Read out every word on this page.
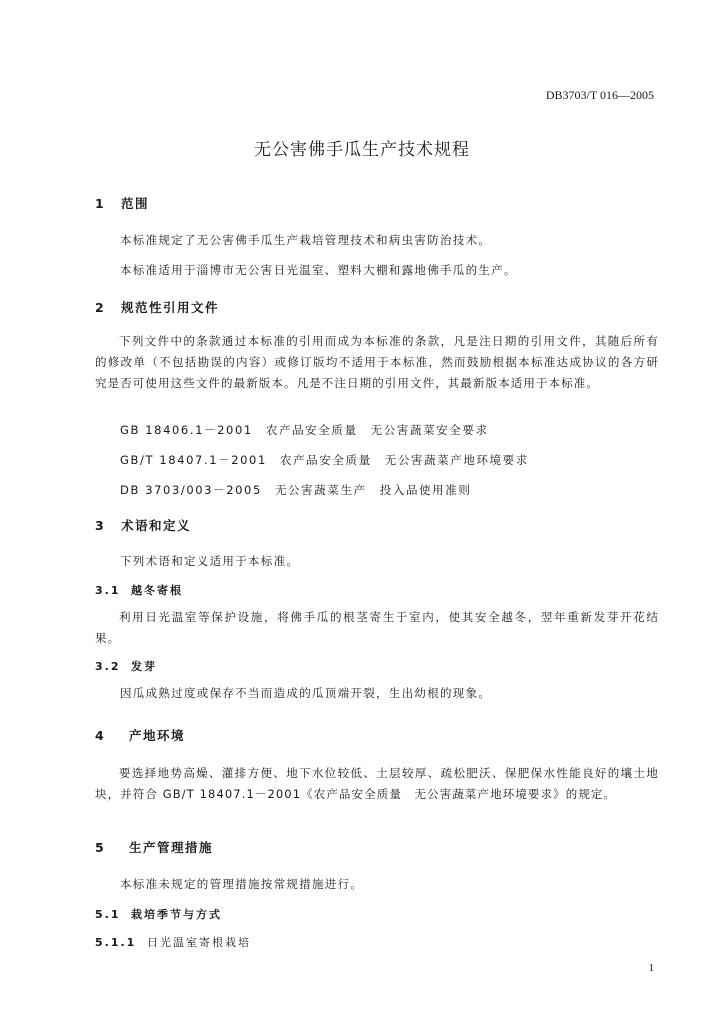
DB3703/T 016—2005
无公害佛手瓜生产技术规程
1 范围
本标准规定了无公害佛手瓜生产栽培管理技术和病虫害防治技术。
本标准适用于淄博市无公害日光温室、塑料大棚和露地佛手瓜的生产。
2 规范性引用文件
下列文件中的条款通过本标准的引用而成为本标准的条款，凡是注日期的引用文件，其随后所有的修改单（不包括勘误的内容）或修订版均不适用于本标准，然而鼓励根据本标准达成协议的各方研究是否可使用这些文件的最新版本。凡是不注日期的引用文件，其最新版本适用于本标准。
GB 18406.1－2001　农产品安全质量　无公害蔬菜安全要求
GB/T 18407.1－2001　农产品安全质量　无公害蔬菜产地环境要求
DB 3703/003－2005　无公害蔬菜生产　投入品使用准则
3 术语和定义
下列术语和定义适用于本标准。
3.1 越冬寄根
利用日光温室等保护设施，将佛手瓜的根茎寄生于室内，使其安全越冬，翌年重新发芽开花结果。
3.2 发芽
因瓜成熟过度或保存不当而造成的瓜顶端开裂，生出幼根的现象。
4 产地环境
要选择地势高燥、灌排方便、地下水位较低、土层较厚、疏松肥沃、保肥保水性能良好的壤土地块，并符合 GB/T 18407.1－2001《农产品安全质量　无公害蔬菜产地环境要求》的规定。
5 生产管理措施
本标准未规定的管理措施按常规措施进行。
5.1 栽培季节与方式
5.1.1 日光温室寄根栽培
1
